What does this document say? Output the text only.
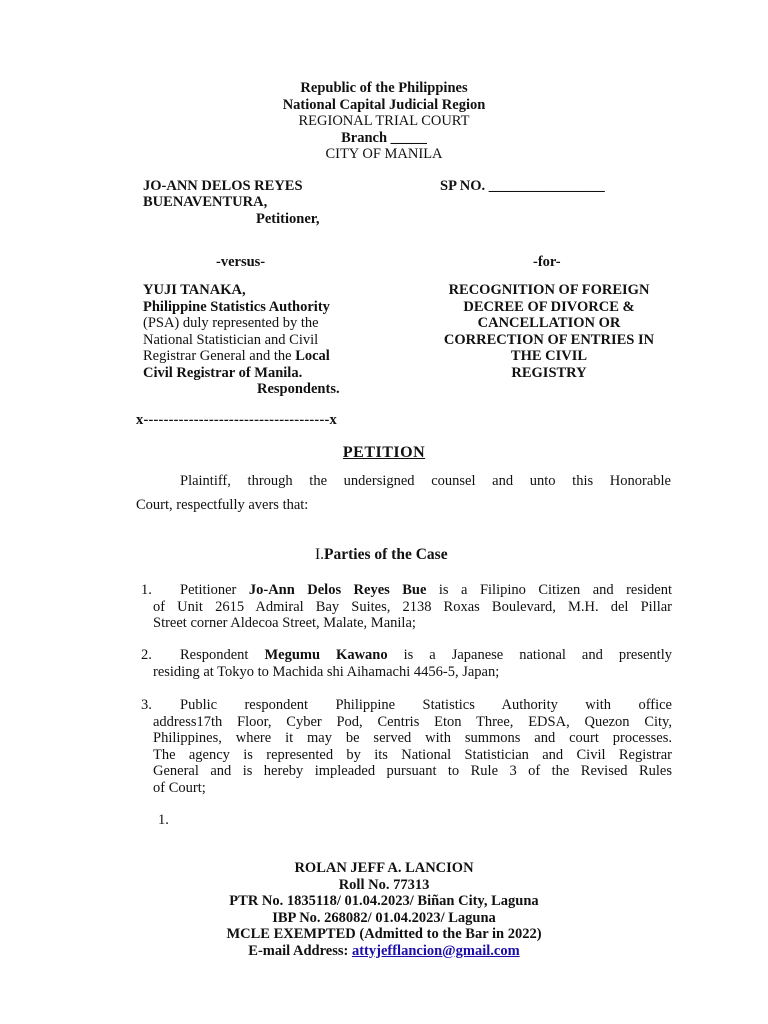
Republic of the Philippines
National Capital Judicial Region
REGIONAL TRIAL COURT
Branch _____
CITY OF MANILA
JO-ANN DELOS REYES
BUENAVENTURA,
Petitioner,
SP NO. ________________
-versus-	-for-
YUJI TANAKA,
Philippine Statistics Authority
(PSA) duly represented by the
National Statistician and Civil
Registrar General and the Local
Civil Registrar of Manila.
Respondents.
RECOGNITION OF FOREIGN
DECREE OF DIVORCE &
CANCELLATION OR
CORRECTION OF ENTRIES IN
THE CIVIL
REGISTRY
x-------------------------------------x
PETITION
Plaintiff, through the undersigned counsel and unto this Honorable
Court, respectfully avers that:
I.Parties of the Case
1.	Petitioner Jo-Ann Delos Reyes Bue is a Filipino Citizen and resident
of Unit 2615 Admiral Bay Suites, 2138 Roxas Boulevard, M.H. del Pillar
Street corner Aldecoa Street, Malate, Manila;
2.	Respondent Megumu Kawano is a Japanese national and presently
residing at Tokyo to Machida shi Aihamachi 4456-5, Japan;
3.	Public respondent Philippine Statistics Authority with office
address17th Floor, Cyber Pod, Centris Eton Three, EDSA, Quezon City,
Philippines, where it may be served with summons and court processes.
The agency is represented by its National Statistician and Civil Registrar
General and is hereby impleaded pursuant to Rule 3 of the Revised Rules
of Court;
1.
ROLAN JEFF A. LANCION
Roll No. 77313
PTR No. 1835118/ 01.04.2023/ Biñan City, Laguna
IBP No. 268082/ 01.04.2023/ Laguna
MCLE EXEMPTED (Admitted to the Bar in 2022)
E-mail Address: attyjefflancion@gmail.com
